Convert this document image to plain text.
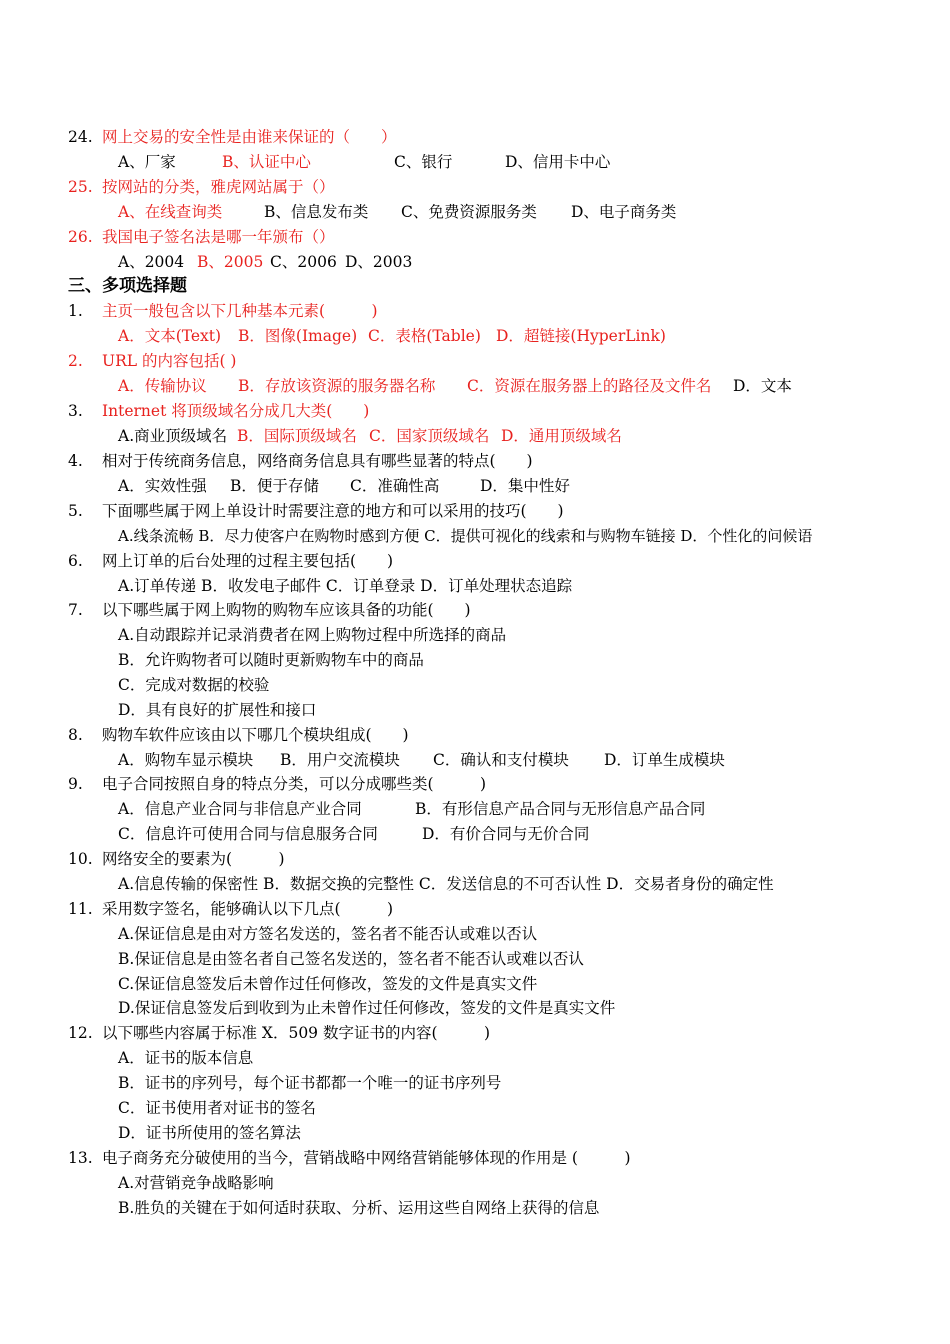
24. 网上交易的安全性是由谁来保证的（　　）
A、厂家	B、认证中心	C、银行	D、信用卡中心
25. 按网站的分类，雅虎网站属于（）
A、在线查询类	B、信息发布类 C、免费资源服务类 D、电子商务类
26. 我国电子签名法是哪一年颁布（）
A、2004 B、2005 C、2006 D、2003
三、多项选择题
1. 主页一般包含以下几种基本元素(　　　)
A．文本(Text) B．图像(Image) C．表格(Table) D．超链接(HyperLink)
2. URL 的内容包括( )
A．传输协议 B．存放该资源的服务器名称 C．资源在服务器上的路径及文件名 D．文本
3. Internet 将顶级域名分成几大类(　　)
A.商业顶级域名 B．国际顶级域名 C．国家顶级域名 D．通用顶级域名
4. 相对于传统商务信息，网络商务信息具有哪些显著的特点(　　)
A．实效性强 B．便于存储 C．准确性高	D．集中性好
5. 下面哪些属于网上单设计时需要注意的地方和可以采用的技巧(　　)
A.线条流畅 B．尽力使客户在购物时感到方便 C．提供可视化的线索和与购物车链接 D．个性化的问候语
6. 网上订单的后台处理的过程主要包括(　　)
A.订单传递 B．收发电子邮件 C．订单登录 D．订单处理状态追踪
7. 以下哪些属于网上购物的购物车应该具备的功能(　　)
A.自动跟踪并记录消费者在网上购物过程中所选择的商品
B．允许购物者可以随时更新购物车中的商品
C．完成对数据的校验
D．具有良好的扩展性和接口
8. 购物车软件应该由以下哪几个模块组成(　　)
A．购物车显示模块 B．用户交流模块 C．确认和支付模块 D．订单生成模块
9. 电子合同按照自身的特点分类，可以分成哪些类(　　　)
A．信息产业合同与非信息产业合同	B．有形信息产品合同与无形信息产品合同
C．信息许可使用合同与信息服务合同	D．有价合同与无价合同
10. 网络安全的要素为(　　　)
A.信息传输的保密性 B．数据交换的完整性 C．发送信息的不可否认性 D．交易者身份的确定性
11. 采用数字签名，能够确认以下几点(　　　)
A.保证信息是由对方签名发送的，签名者不能否认或难以否认
B.保证信息是由签名者自己签名发送的，签名者不能否认或难以否认
C.保证信息签发后未曾作过任何修改，签发的文件是真实文件
D.保证信息签发后到收到为止未曾作过任何修改，签发的文件是真实文件
12. 以下哪些内容属于标准 X．509 数字证书的内容(　　　)
A．证书的版本信息
B．证书的序列号，每个证书都都一个唯一的证书序列号
C．证书使用者对证书的签名
D．证书所使用的签名算法
13. 电子商务充分破使用的当今，营销战略中网络营销能够体现的作用是 (　　　)
A.对营销竞争战略影响
B.胜负的关键在于如何适时获取、分析、运用这些自网络上获得的信息
